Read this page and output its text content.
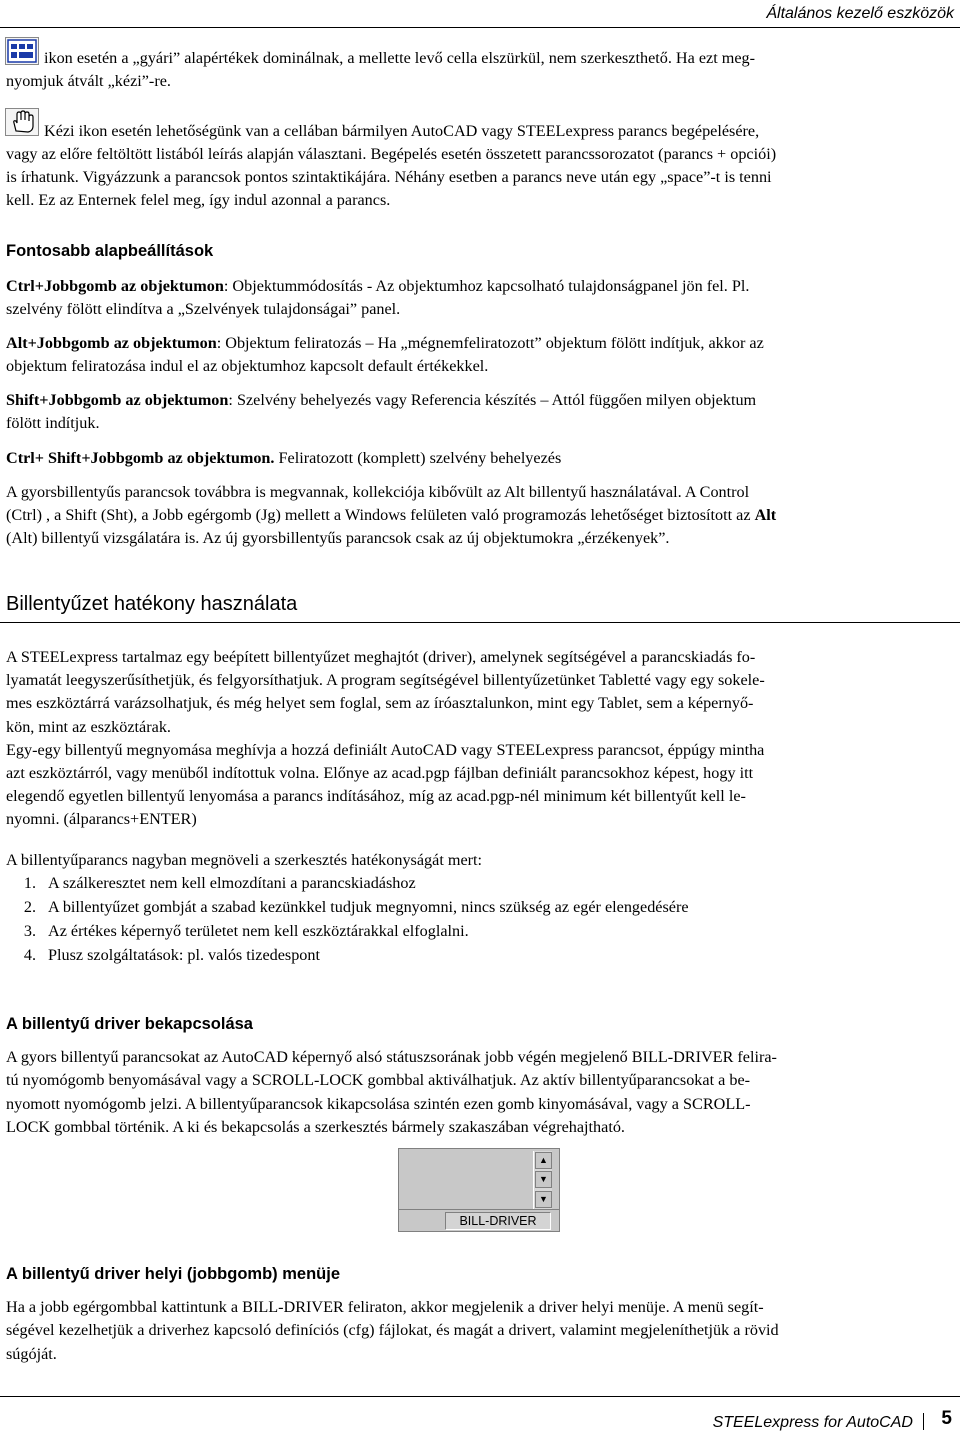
Általános kezelő eszközök
ikon esetén a „gyári” alapértékek dominálnak, a mellette levő cella elszürkül, nem szerkeszthető. Ha ezt meg-
nyomjuk átvált „kézi”-re.
Kézi ikon esetén lehetőségünk van a cellában bármilyen AutoCAD vagy STEELexpress parancs begépelésére,
vagy az előre feltöltött listából leírás alapján választani. Begépelés esetén összetett parancssorozatot (parancs + opciói)
is írhatunk. Vigyázzunk a parancsok pontos szintaktikájára. Néhány esetben a parancs neve után egy „space”-t is tenni
kell. Ez az Enternek felel meg, így indul azonnal a parancs.
Fontosabb alapbeállítások
Ctrl+Jobbgomb az objektumon: Objektummódosítás - Az objektumhoz kapcsolható tulajdonságpanel jön fel. Pl.
szelvény fölött elindítva a „Szelvények tulajdonságai” panel.
Alt+Jobbgomb az objektumon: Objektum feliratozás – Ha „mégnemfeliratozott” objektum fölött indítjuk, akkor az
objektum feliratozása indul el az objektumhoz kapcsolt default értékekkel.
Shift+Jobbgomb az objektumon: Szelvény behelyezés vagy Referencia készítés – Attól függően milyen objektum
fölött indítjuk.
Ctrl+ Shift+Jobbgomb az objektumon. Feliratozott (komplett) szelvény behelyezés
A gyorsbillentyűs parancsok továbbra is megvannak, kollekciója kibővült az Alt billentyű használatával. A Control
(Ctrl) , a Shift (Sht), a Jobb egérgomb (Jg) mellett a Windows felületen való programozás lehetőséget biztosított az Alt
(Alt) billentyű vizsgálatára is. Az új gyorsbillentyűs parancsok csak az új objektumokra „érzékenyek”.
Billentyűzet hatékony használata
A STEELexpress tartalmaz egy beépített billentyűzet meghajtót (driver), amelynek segítségével a parancskiadás fo-
lyamatát leegyszerűsíthetjük, és felgyorsíthatjuk. A program segítségével billentyűzetünket Tabletté vagy egy sokele-
mes eszköztárrá varázsolhatjuk, és még helyet sem foglal, sem az íróasztalunkon, mint egy Tablet, sem a képernyő-
kön, mint az eszköztárak.
Egy-egy billentyű megnyomása meghívja a hozzá definiált AutoCAD vagy STEELexpress parancsot, éppúgy mintha
azt eszköztárról, vagy menüből indítottuk volna. Előnye az acad.pgp fájlban definiált parancsokhoz képest, hogy itt
elegendő egyetlen billentyű lenyomása a parancs indításához, míg az acad.pgp-nél minimum két billentyűt kell le-
nyomni. (álparancs+ENTER)
A billentyűparancs nagyban megnöveli a szerkesztés hatékonyságát mert:
1. A szálkeresztet nem kell elmozdítani a parancskiadáshoz
2. A billentyűzet gombját a szabad kezünkkel tudjuk megnyomni, nincs szükség az egér elengedésére
3. Az értékes képernyő területet nem kell eszköztárakkal elfoglalni.
4. Plusz szolgáltatások: pl. valós tizedespont
A billentyű driver bekapcsolása
A gyors billentyű parancsokat az AutoCAD képernyő alsó státuszsorának jobb végén megjelenő BILL-DRIVER felira-
tú nyomógomb benyomásával vagy a SCROLL-LOCK gombbal aktiválhatjuk. Az aktív billentyűparancsokat a be-
nyomott nyomógomb jelzi. A billentyűparancsok kikapcsolása szintén ezen gomb kinyomásával, vagy a SCROLL-
LOCK gombbal történik. A ki és bekapcsolás a szerkesztés bármely szakaszában végrehajtható.
▲
▼
▼
BILL-DRIVER
A billentyű driver helyi (jobbgomb) menüje
Ha a jobb egérgombbal kattintunk a BILL-DRIVER feliraton, akkor megjelenik a driver helyi menüje. A menü segít-
ségével kezelhetjük a driverhez kapcsoló definíciós (cfg) fájlokat, és magát a drivert, valamint megjeleníthetjük a rövid
súgóját.
STEELexpress for AutoCAD	5
